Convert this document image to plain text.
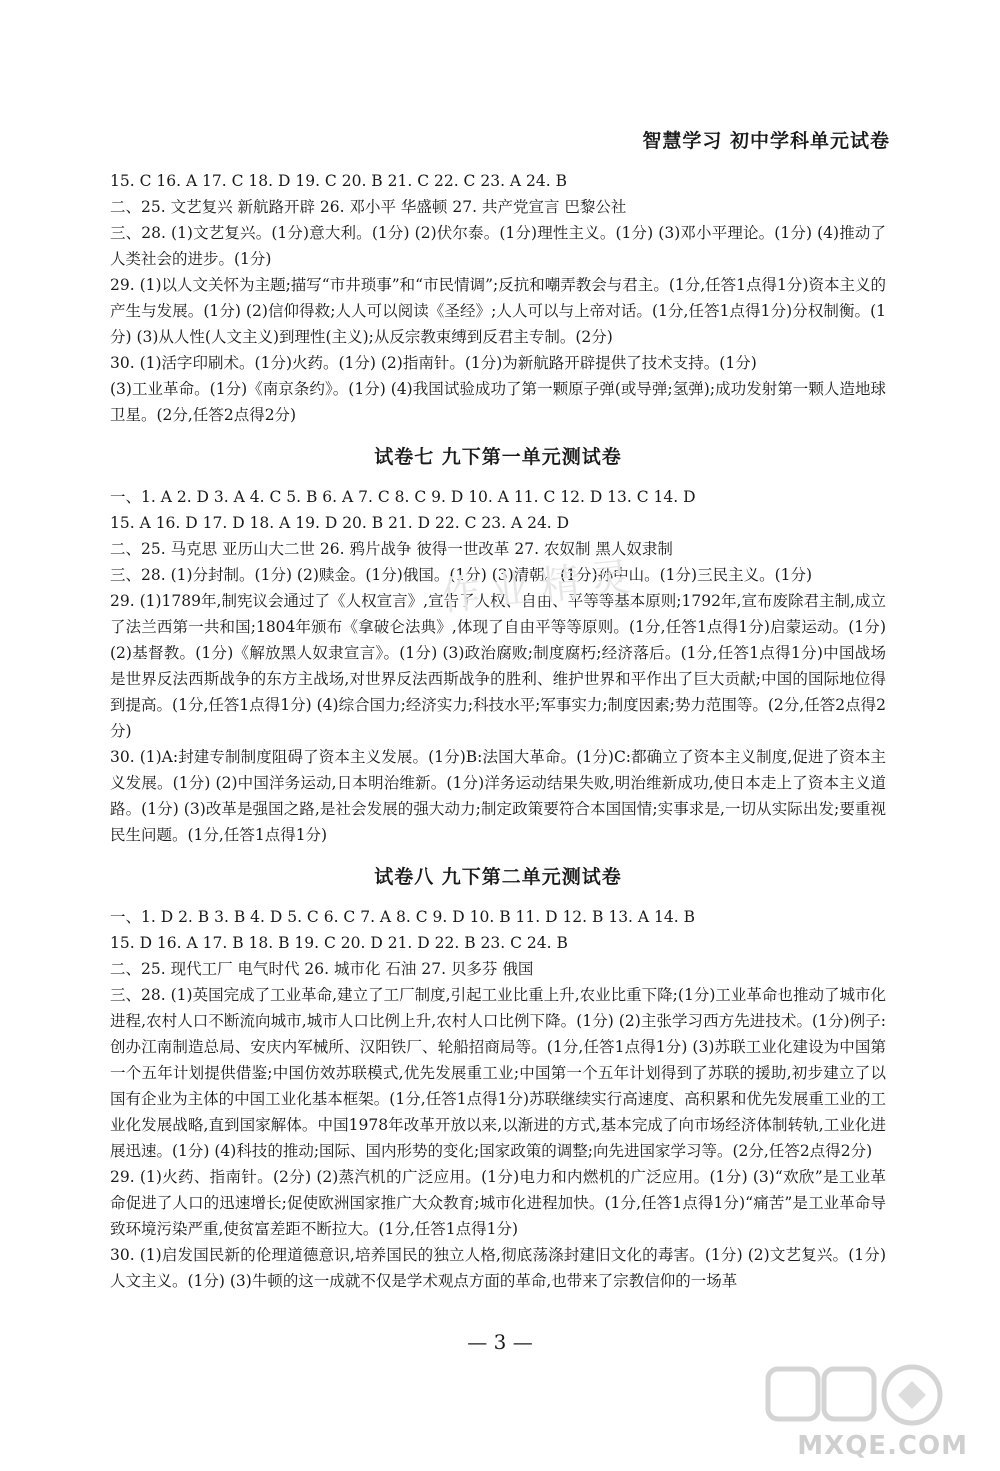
智慧学习 初中学科单元试卷

15. C 16. A 17. C 18. D 19. C 20. B 21. C 22. C 23. A 24. B

二、25. 文艺复兴 新航路开辟 26. 邓小平 华盛顿 27. 共产党宣言 巴黎公社

三、28. (1)文艺复兴。(1分)意大利。(1分) (2)伏尔泰。(1分)理性主义。(1分) (3)邓小平理论。(1分) (4)推动了人类社会的进步。(1分)

29. (1)以人文关怀为主题;描写“市井琐事”和“市民情调”;反抗和嘲弄教会与君主。(1分,任答1点得1分)资本主义的产生与发展。(1分) (2)信仰得救;人人可以阅读《圣经》;人人可以与上帝对话。(1分,任答1点得1分)分权制衡。(1分) (3)从人性(人文主义)到理性(主义);从反宗教束缚到反君主专制。(2分)

30. (1)活字印刷术。(1分)火药。(1分) (2)指南针。(1分)为新航路开辟提供了技术支持。(1分)

(3)工业革命。(1分)《南京条约》。(1分) (4)我国试验成功了第一颗原子弹(或导弹;氢弹);成功发射第一颗人造地球卫星。(2分,任答2点得2分)

试卷七 九下第一单元测试卷

一、1. A 2. D 3. A 4. C 5. B 6. A 7. C 8. C 9. D 10. A 11. C 12. D 13. C 14. D

15. A 16. D 17. D 18. A 19. D 20. B 21. D 22. C 23. A 24. D

二、25. 马克思 亚历山大二世 26. 鸦片战争 彼得一世改革 27. 农奴制 黑人奴隶制

三、28. (1)分封制。(1分) (2)赎金。(1分)俄国。(1分) (3)清朝。(1分)孙中山。(1分)三民主义。(1分)

29. (1)1789年,制宪议会通过了《人权宣言》,宣告了人权、自由、平等等基本原则;1792年,宣布废除君主制,成立了法兰西第一共和国;1804年颁布《拿破仑法典》,体现了自由平等等原则。(1分,任答1点得1分)启蒙运动。(1分) (2)基督教。(1分)《解放黑人奴隶宣言》。(1分) (3)政治腐败;制度腐朽;经济落后。(1分,任答1点得1分)中国战场是世界反法西斯战争的东方主战场,对世界反法西斯战争的胜利、维护世界和平作出了巨大贡献;中国的国际地位得到提高。(1分,任答1点得1分) (4)综合国力;经济实力;科技水平;军事实力;制度因素;势力范围等。(2分,任答2点得2分)

30. (1)A:封建专制制度阻碍了资本主义发展。(1分)B:法国大革命。(1分)C:都确立了资本主义制度,促进了资本主义发展。(1分) (2)中国洋务运动,日本明治维新。(1分)洋务运动结果失败,明治维新成功,使日本走上了资本主义道路。(1分) (3)改革是强国之路,是社会发展的强大动力;制定政策要符合本国国情;实事求是,一切从实际出发;要重视民生问题。(1分,任答1点得1分)

试卷八 九下第二单元测试卷

一、1. D 2. B 3. B 4. D 5. C 6. C 7. A 8. C 9. D 10. B 11. D 12. B 13. A 14. B

15. D 16. A 17. B 18. B 19. C 20. D 21. D 22. B 23. C 24. B

二、25. 现代工厂 电气时代 26. 城市化 石油 27. 贝多芬 俄国

三、28. (1)英国完成了工业革命,建立了工厂制度,引起工业比重上升,农业比重下降;(1分)工业革命也推动了城市化进程,农村人口不断流向城市,城市人口比例上升,农村人口比例下降。(1分) (2)主张学习西方先进技术。(1分)例子:创办江南制造总局、安庆内军械所、汉阳铁厂、轮船招商局等。(1分,任答1点得1分) (3)苏联工业化建设为中国第一个五年计划提供借鉴;中国仿效苏联模式,优先发展重工业;中国第一个五年计划得到了苏联的援助,初步建立了以国有企业为主体的中国工业化基本框架。(1分,任答1点得1分)苏联继续实行高速度、高积累和优先发展重工业的工业化发展战略,直到国家解体。中国1978年改革开放以来,以渐进的方式,基本完成了向市场经济体制转轨,工业化进展迅速。(1分) (4)科技的推动;国际、国内形势的变化;国家政策的调整;向先进国家学习等。(2分,任答2点得2分)

29. (1)火药、指南针。(2分) (2)蒸汽机的广泛应用。(1分)电力和内燃机的广泛应用。(1分) (3)“欢欣”是工业革命促进了人口的迅速增长;促使欧洲国家推广大众教育;城市化进程加快。(1分,任答1点得1分)“痛苦”是工业革命导致环境污染严重,使贫富差距不断拉大。(1分,任答1点得1分)

30. (1)启发国民新的伦理道德意识,培养国民的独立人格,彻底荡涤封建旧文化的毒害。(1分) (2)文艺复兴。(1分)人文主义。(1分) (3)牛顿的这一成就不仅是学术观点方面的革命,也带来了宗教信仰的一场革

作业精灵
— 3 —
MXQE.COM
